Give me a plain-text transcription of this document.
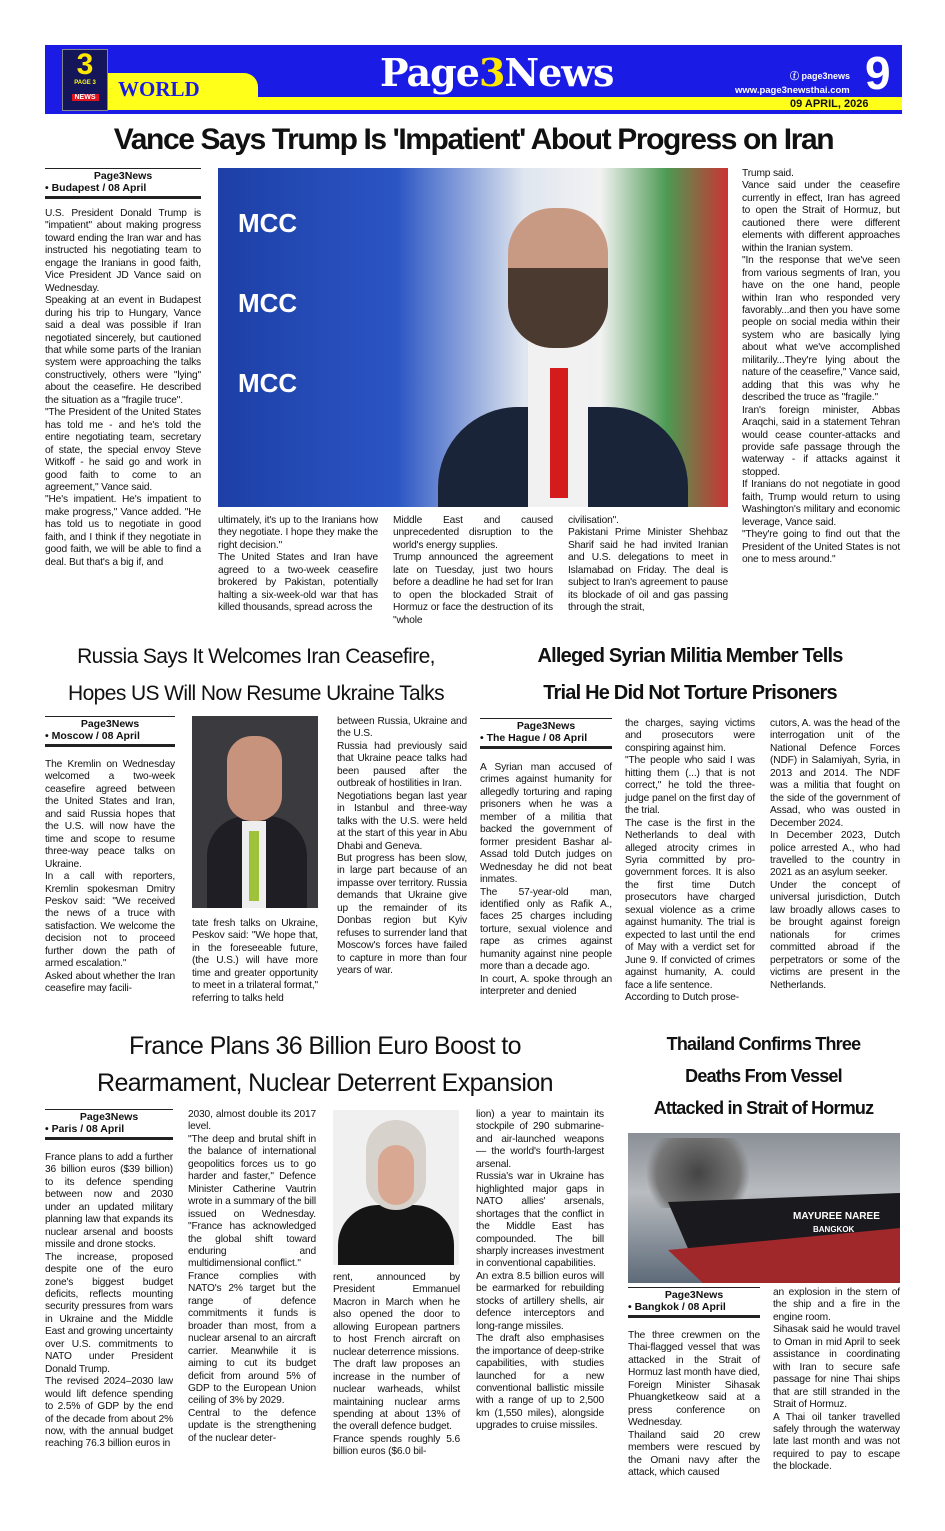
3
PAGE 3
NEWS	WORLD	Page3News	ⓕ page3news
www.page3newsthai.com 9
09 APRIL, 2026
Vance Says Trump Is 'Impatient' About Progress on Iran
Page3News
• Budapest / 08 April
U.S. President Donald Trump is "impatient" about making progress toward ending the Iran war and has instructed his negotiating team to engage the Iranians in good faith, Vice President JD Vance said on Wednesday.
Speaking at an event in Budapest during his trip to Hungary, Vance said a deal was possible if Iran negotiated sincerely, but cautioned that while some parts of the Iranian system were approaching the talks constructively, others were "lying" about the ceasefire. He described the situation as a "fragile truce".
"The President of the United States has told me - and he's told the entire negotiating team, secretary of state, the special envoy Steve Witkoff - he said go and work in good faith to come to an agreement," Vance said.
"He's impatient. He's impatient to make progress," Vance added. "He has told us to negotiate in good faith, and I think if they negotiate in good faith, we will be able to find a deal. But that's a big if, and
MCC
MCC
MCC
ultimately, it's up to the Iranians how they negotiate. I hope they make the right decision."
The United States and Iran have agreed to a two-week ceasefire brokered by Pakistan, potentially halting a six-week-old war that has killed thousands, spread across the
Middle East and caused unprecedented disruption to the world's energy supplies.
Trump announced the agreement late on Tuesday, just two hours before a deadline he had set for Iran to open the blockaded Strait of Hormuz or face the destruction of its "whole
civilisation".
Pakistani Prime Minister Shehbaz Sharif said he had invited Iranian and U.S. delegations to meet in Islamabad on Friday. The deal is subject to Iran's agreement to pause its blockade of oil and gas passing through the strait,
Trump said.
Vance said under the ceasefire currently in effect, Iran has agreed to open the Strait of Hormuz, but cautioned there were different elements with different approaches within the Iranian system.
"In the response that we've seen from various segments of Iran, you have on the one hand, people within Iran who responded very favorably...and then you have some people on social media within their system who are basically lying about what we've accomplished militarily...They're lying about the nature of the ceasefire," Vance said, adding that this was why he described the truce as "fragile."
Iran's foreign minister, Abbas Araqchi, said in a statement Tehran would cease counter-attacks and provide safe passage through the waterway - if attacks against it stopped.
If Iranians do not negotiate in good faith, Trump would return to using Washington's military and economic leverage, Vance said.
"They're going to find out that the President of the United States is not one to mess around."
Russia Says It Welcomes Iran Ceasefire,
Hopes US Will Now Resume Ukraine Talks
Page3News
• Moscow / 08 April
The Kremlin on Wednesday welcomed a two-week ceasefire agreed between the United States and Iran, and said Russia hopes that the U.S. will now have the time and scope to resume three-way peace talks on Ukraine.
In a call with reporters, Kremlin spokesman Dmitry Peskov said: "We received the news of a truce with satisfaction. We welcome the decision not to proceed further down the path of armed escalation."
Asked about whether the Iran ceasefire may facili-
tate fresh talks on Ukraine, Peskov said: "We hope that, in the foreseeable future, (the U.S.) will have more time and greater opportunity to meet in a trilateral format," referring to talks held
between Russia, Ukraine and the U.S.
Russia had previously said that Ukraine peace talks had been paused after the outbreak of hostilities in Iran.
Negotiations began last year in Istanbul and three-way talks with the U.S. were held at the start of this year in Abu Dhabi and Geneva.
But progress has been slow, in large part because of an impasse over territory. Russia demands that Ukraine give up the remainder of its Donbas region but Kyiv refuses to surrender land that Moscow's forces have failed to capture in more than four years of war.
Alleged Syrian Militia Member Tells
Trial He Did Not Torture Prisoners
Page3News
• The Hague / 08 April
A Syrian man accused of crimes against humanity for allegedly torturing and raping prisoners when he was a member of a militia that backed the government of former president Bashar al-Assad told Dutch judges on Wednesday he did not beat inmates.
The 57-year-old man, identified only as Rafik A., faces 25 charges including torture, sexual violence and rape as crimes against humanity against nine people more than a decade ago.
In court, A. spoke through an interpreter and denied
the charges, saying victims and prosecutors were conspiring against him.
"The people who said I was hitting them (...) that is not correct," he told the three-judge panel on the first day of the trial.
The case is the first in the Netherlands to deal with alleged atrocity crimes in Syria committed by pro-government forces. It is also the first time Dutch prosecutors have charged sexual violence as a crime against humanity. The trial is expected to last until the end of May with a verdict set for June 9. If convicted of crimes against humanity, A. could face a life sentence.
According to Dutch prose-
cutors, A. was the head of the interrogation unit of the National Defence Forces (NDF) in Salamiyah, Syria, in 2013 and 2014. The NDF was a militia that fought on the side of the government of Assad, who was ousted in December 2024.
In December 2023, Dutch police arrested A., who had travelled to the country in 2021 as an asylum seeker.
Under the concept of universal jurisdiction, Dutch law broadly allows cases to be brought against foreign nationals for crimes committed abroad if the perpetrators or some of the victims are present in the Netherlands.
France Plans 36 Billion Euro Boost to
Rearmament, Nuclear Deterrent Expansion
Page3News
• Paris / 08 April
France plans to add a further 36 billion euros ($39 billion) to its defence spending between now and 2030 under an updated military planning law that expands its nuclear arsenal and boosts missile and drone stocks.
The increase, proposed despite one of the euro zone's biggest budget deficits, reflects mounting security pressures from wars in Ukraine and the Middle East and growing uncertainty over U.S. commitments to NATO under President Donald Trump.
The revised 2024–2030 law would lift defence spending to 2.5% of GDP by the end of the decade from about 2% now, with the annual budget reaching 76.3 billion euros in
2030, almost double its 2017 level.
"The deep and brutal shift in the balance of international geopolitics forces us to go harder and faster," Defence Minister Catherine Vautrin wrote in a summary of the bill issued on Wednesday. "France has acknowledged the global shift toward enduring and multidimensional conflict."
France complies with NATO's 2% target but the range of defence commitments it funds is broader than most, from a nuclear arsenal to an aircraft carrier. Meanwhile it is aiming to cut its budget deficit from around 5% of GDP to the European Union ceiling of 3% by 2029.
Central to the defence update is the strengthening of the nuclear deter-
rent, announced by President Emmanuel Macron in March when he also opened the door to allowing European partners to host French aircraft on nuclear deterrence missions.
The draft law proposes an increase in the number of nuclear warheads, whilst maintaining nuclear arms spending at about 13% of the overall defence budget.
France spends roughly 5.6 billion euros ($6.0 bil-
lion) a year to maintain its stockpile of 290 submarine- and air-launched weapons — the world's fourth-largest arsenal.
Russia's war in Ukraine has highlighted major gaps in NATO allies' arsenals, shortages that the conflict in the Middle East has compounded. The bill sharply increases investment in conventional capabilities.
An extra 8.5 billion euros will be earmarked for rebuilding stocks of artillery shells, air defence interceptors and long-range missiles.
The draft also emphasises the importance of deep-strike capabilities, with studies launched for a new conventional ballistic missile with a range of up to 2,500 km (1,550 miles), alongside upgrades to cruise missiles.
Thailand Confirms Three
Deaths From Vessel
Attacked in Strait of Hormuz
MAYUREE NAREE
BANGKOK
Page3News
• Bangkok / 08 April
The three crewmen on the Thai-flagged vessel that was attacked in the Strait of Hormuz last month have died, Foreign Minister Sihasak Phuangketkeow said at a press conference on Wednesday.
Thailand said 20 crew members were rescued by the Omani navy after the attack, which caused
an explosion in the stern of the ship and a fire in the engine room.
Sihasak said he would travel to Oman in mid April to seek assistance in coordinating with Iran to secure safe passage for nine Thai ships that are still stranded in the Strait of Hormuz.
A Thai oil tanker travelled safely through the waterway late last month and was not required to pay to escape the blockade.
